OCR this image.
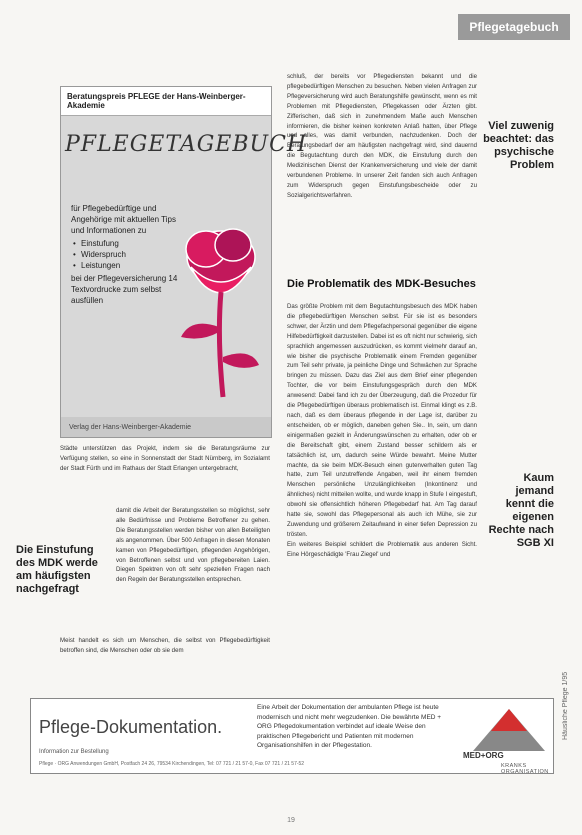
Pflegetagebuch
Häusliche Pflege 1/95
Beratungspreis PFLEGE der Hans-Weinberger-Akademie
PFLEGETAGEBUCH
für Pflegebedürftige und Angehörige mit aktuellen Tips und Informationen zu
• Einstufung
• Widerspruch
• Leistungen
bei der Pflegeversicherung 14 Textvordrucke zum selbst ausfüllen
Verlag der Hans-Weinberger-Akademie
schluß, der bereits vor Pflegediensten bekannt und die pflegebedürftigen Menschen zu besuchen. Neben vielen Anfragen zur Pflegeversicherung wird auch Beratungshilfe gewünscht, wenn es mit Problemen mit Pflegediensten, Pflegekassen oder Ärzten gibt. Zifferischen, daß sich in zunehmendem Maße auch Menschen informieren, die bisher keinen konkreten Anlaß hatten, über Pflege und alles, was damit verbunden, nachzudenken. Doch der Beratungsbedarf der am häufigsten nachgefragt wird, sind dauernd die Begutachtung durch den MDK, die Einstufung durch den Medizinischen Dienst der Krankenversicherung und viele der damit verbundenen Probleme. In unserer Zeit fanden sich auch Anfragen zum Widerspruch gegen Einstufungsbescheide oder zu Sozialgerichtsverfahren.
Die Problematik des MDK-Besuches
Das größte Problem mit dem Begutachtungsbesuch des MDK haben die pflegebedürftigen Menschen selbst. Für sie ist es besonders schwer, der Ärztin und dem Pflegefachpersonal gegenüber die eigene Hilfebedürftigkeit darzustellen. Dabei ist es oft nicht nur schwierig, sich sprachlich angemessen auszudrücken, es kommt vielmehr darauf an, wie bisher die psychische Problematik einem Fremden gegenüber zum Teil sehr private, ja peinliche Dinge und Schwächen zur Sprache bringen zu müssen. Dazu das Ziel aus dem Brief einer pflegenden Tochter, die vor beim Einstufungsgespräch durch den MDK anwesend: Dabei fand ich zu der Überzeugung, daß die Prozedur für die Pflegebedürftigen überaus problematisch ist. Einmal klingt es z.B. nach, daß es dem überaus pflegende in der Lage ist, darüber zu entscheiden, ob er möglich, daneben gehen Sie.. In, sein, um dann einigermaßen gezielt in Änderungswünschen zu erhalten, oder ob er die Bereitschaft gibt, einem Zustand besser schildern als er tatsächlich ist, um, dadurch seine Würde bewahrt. Meine Mutter machte, da sie beim MDK-Besuch einen gutenverhalten guten Tag hatte, zum Teil unzutreffende Angaben, weil ihr einem fremden Menschen persönliche Unzulänglichkeiten (Inkontinenz und ähnliches) nicht mitteilen wollte, und wurde knapp in Stufe I eingestuft, obwohl sie offensichtlich höheren Pflegebedarf hat. Am Tag darauf hatte sie, sowohl das Pflegepersonal als auch ich Mühe, sie zur Zuwendung und größerem Zeitaufwand in einer tiefen Depression zu trösten.
Ein weiteres Beispiel schildert die Problematik aus anderen Sicht. Eine Hörgeschädigte 'Frau Ziegel' und
Städte unterstützen das Projekt, indem sie die Beratungsräume zur Verfügung stellen, so eine in Sonnenstadt der Stadt Nürnberg, im Sozialamt der Stadt Fürth und im Rathaus der Stadt Erlangen untergebracht,
damit die Arbeit der Beratungsstellen so möglichst, sehr alle Bedürfnisse und Probleme Betroffener zu gehen. Die Beratungsstellen werden bisher von allen Beteiligten als angenommen. Über 500 Anfragen in diesen Monaten kamen von Pflegebedürftigen, pflegenden Angehörigen, von Betroffenen selbst und von pflegebereiten Laien. Diegen Spektren von oft sehr speziellen Fragen nach den Regeln der Beratungsstellen entsprechen.
Meist handelt es sich um Menschen, die selbst von Pflegebedürftigkeit betroffen sind, die Menschen oder ob sie dem
Viel zuwenig beachtet: das psychische Problem
Kaum jemand kennt die eigenen Rechte nach SGB XI
Die Einstufung des MDK werde am häufigsten nachgefragt
Pflege-Dokumentation.
Information zur Bestellung
Eine Arbeit der Dokumentation der ambulanten Pflege ist heute modernisch und nicht mehr wegzudenken. Die bewährte MED + ORG Pflegedokumentation verbindet auf ideale Weise den praktischen Pflegebericht und Patienten mit modernen Organisationshilfen in der Pflegestation.
MED+ORG
KRANKS ORGANISATION
Pflege · ORG Anwendungen GmbH, Postfach 24 26, 79534 Kirchendingen, Tel: 07 721 / 21 57-0, Fax 07 721 / 21 57-52
19
